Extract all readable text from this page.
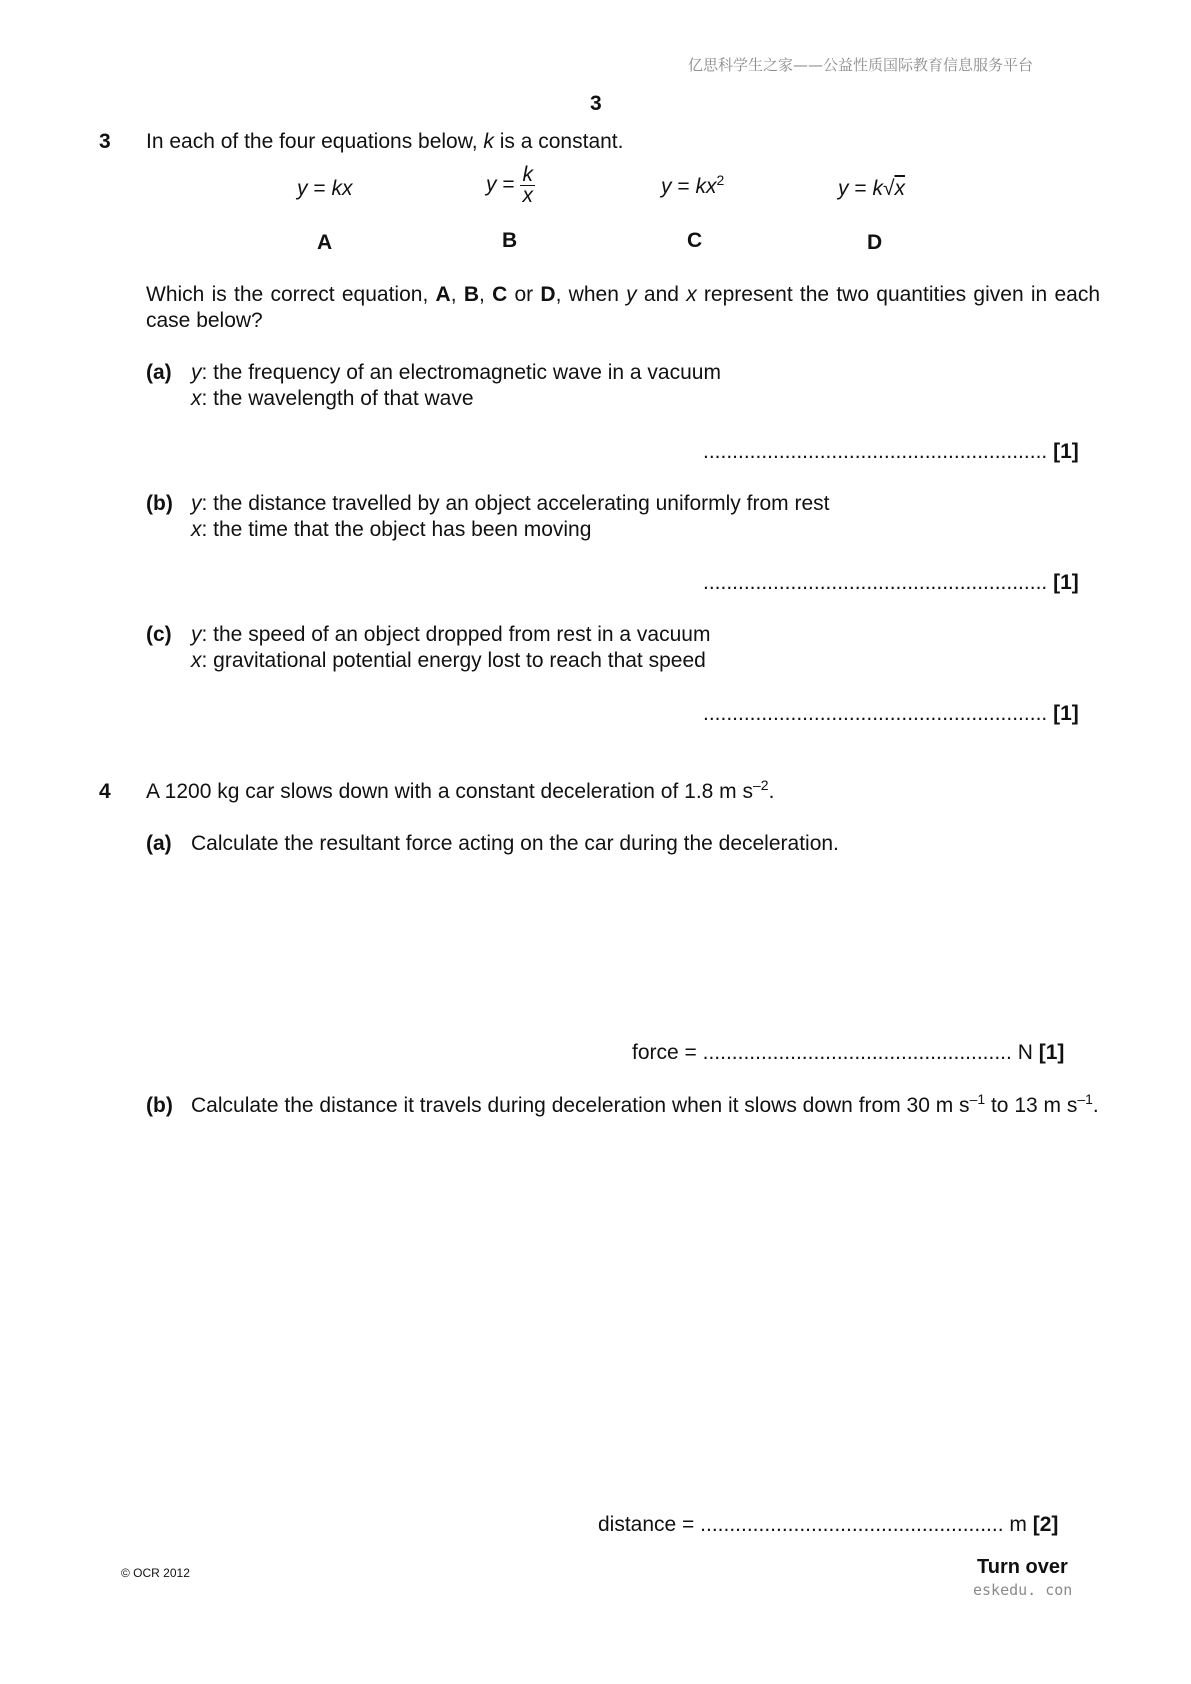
亿思科学生之家——公益性质国际教育信息服务平台
3
3 In each of the four equations below, k is a constant.
y = kx	$y = \frac{k}{x}$	$y = kx^2$	y = k√x
A	B	C	D
Which is the correct equation, A, B, C or D, when y and x represent the two quantities given in each case below?
(a) y: the frequency of an electromagnetic wave in a vacuum
x: the wavelength of that wave
........................................................... [1]
(b) y: the distance travelled by an object accelerating uniformly from rest
x: the time that the object has been moving
........................................................... [1]
(c) y: the speed of an object dropped from rest in a vacuum
x: gravitational potential energy lost to reach that speed
........................................................... [1]
4 A 1200 kg car slows down with a constant deceleration of 1.8 m $s^{-2}$.
(a) Calculate the resultant force acting on the car during the deceleration.
force = ..................................................... N [1]
(b) Calculate the distance it travels during deceleration when it slows down from 30 m $s^{-1}$ to 13 m $s^{-1}$.
distance = .................................................... m [2]
© OCR 2012	Turn over
eskedu. con
